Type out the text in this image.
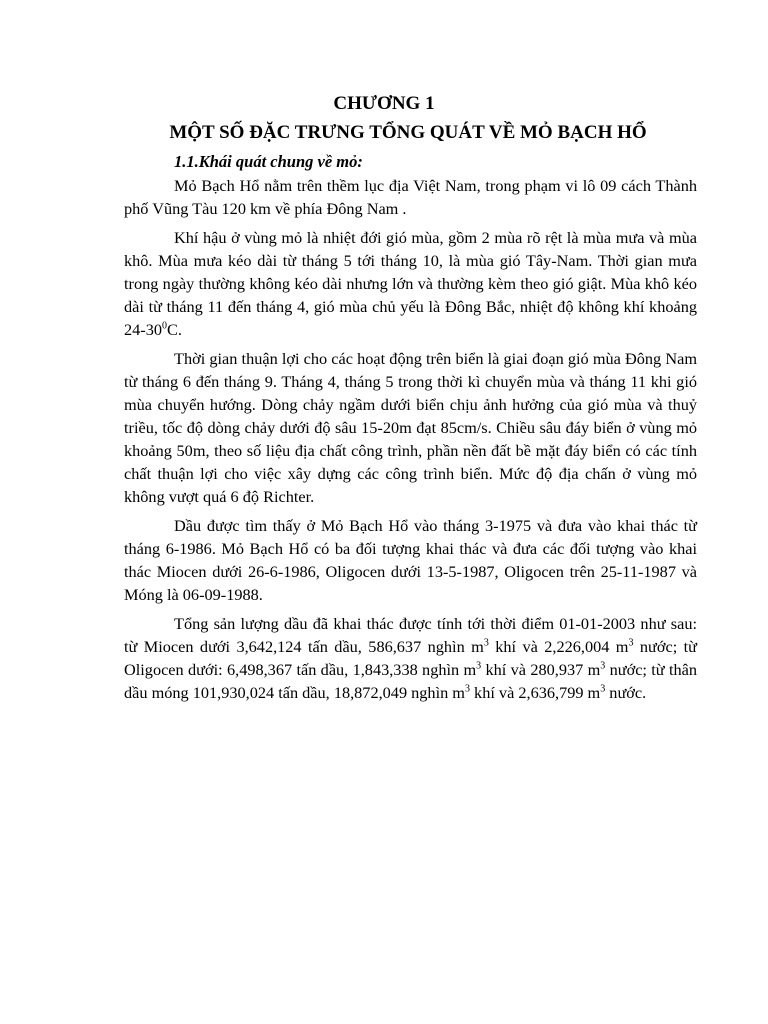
CHƯƠNG 1
MỘT SỐ ĐẶC TRƯNG TỔNG QUÁT VỀ MỎ BẠCH HỔ
1.1.Khái quát chung về mỏ:

Mỏ Bạch Hổ nằm trên thềm lục địa Việt Nam, trong phạm vi lô 09 cách Thành phố Vũng Tàu 120 km về phía Đông Nam .

Khí hậu ở vùng mỏ là nhiệt đới gió mùa, gồm 2 mùa rõ rệt là mùa mưa và mùa khô. Mùa mưa kéo dài từ tháng 5 tới tháng 10, là mùa gió Tây-Nam. Thời gian mưa trong ngày thường không kéo dài nhưng lớn và thường kèm theo gió giật. Mùa khô kéo dài từ tháng 11 đến tháng 4, gió mùa chủ yếu là Đông Bắc, nhiệt độ không khí khoảng $24-30^0C$.

Thời gian thuận lợi cho các hoạt động trên biển là giai đoạn gió mùa Đông Nam từ tháng 6 đến tháng 9. Tháng 4, tháng 5 trong thời kì chuyển mùa và tháng 11 khi gió mùa chuyển hướng. Dòng chảy ngầm dưới biển chịu ảnh hưởng của gió mùa và thuỷ triều, tốc độ dòng chảy dưới độ sâu 15-20m đạt 85cm/s. Chiều sâu đáy biển ở vùng mỏ khoảng 50m, theo số liệu địa chất công trình, phần nền đất bề mặt đáy biển có các tính chất thuận lợi cho việc xây dựng các công trình biển. Mức độ địa chấn ở vùng mỏ không vượt quá 6 độ Richter.

Dầu được tìm thấy ở Mỏ Bạch Hổ vào tháng 3-1975 và đưa vào khai thác từ tháng 6-1986. Mỏ Bạch Hổ có ba đối tượng khai thác và đưa các đối tượng vào khai thác Miocen dưới 26-6-1986, Oligocen dưới 13-5-1987, Oligocen trên 25-11-1987 và Móng là 06-09-1988.

Tổng sản lượng dầu đã khai thác được tính tới thời điểm 01-01-2003 như sau: từ Miocen dưới 3,642,124 tấn dầu, 586,637 nghìn $m^3$ khí và 2,226,004 $m^3$ nước; từ Oligocen dưới: 6,498,367 tấn dầu, 1,843,338 nghìn $m^3$ khí và 280,937 $m^3$ nước; từ thân dầu móng 101,930,024 tấn dầu, 18,872,049 nghìn $m^3$ khí và 2,636,799 $m^3$ nước.
